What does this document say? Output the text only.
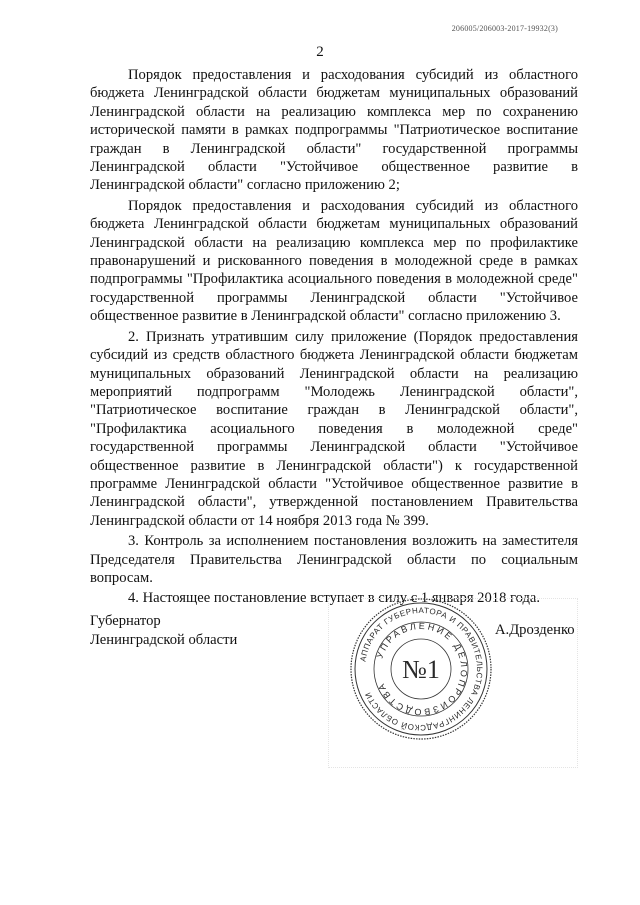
206005/206003-2017-19932(3)
2

Порядок предоставления и расходования субсидий из областного бюджета Ленинградской области бюджетам муниципальных образований Ленинградской области на реализацию комплекса мер по сохранению исторической памяти в рамках подпрограммы "Патриотическое воспитание граждан в Ленинградской области" государственной программы Ленинградской области "Устойчивое общественное развитие в Ленинградской области" согласно приложению 2;

Порядок предоставления и расходования субсидий из областного бюджета Ленинградской области бюджетам муниципальных образований Ленинградской области на реализацию комплекса мер по профилактике правонарушений и рискованного поведения в молодежной среде в рамках подпрограммы "Профилактика асоциального поведения в молодежной среде" государственной программы Ленинградской области "Устойчивое общественное развитие в Ленинградской области" согласно приложению 3.

2. Признать утратившим силу приложение (Порядок предоставления субсидий из средств областного бюджета Ленинградской области бюджетам муниципальных образований Ленинградской области на реализацию мероприятий подпрограмм "Молодежь Ленинградской области", "Патриотическое воспитание граждан в Ленинградской области", "Профилактика асоциального поведения в молодежной среде" государственной программы Ленинградской области "Устойчивое общественное развитие в Ленинградской области") к государственной программе Ленинградской области "Устойчивое общественное развитие в Ленинградской области", утвержденной постановлением Правительства Ленинградской области от 14 ноября 2013 года № 399.

3. Контроль за исполнением постановления возложить на заместителя Председателя Правительства Ленинградской области по социальным вопросам.

4. Настоящее постановление вступает в силу с 1 января 2018 года.

Губернатор
Ленинградской области
АППАРАТ ГУБЕРНАТОРА И ПРАВИТЕЛЬСТВА ЛЕНИНГРАДСКОЙ ОБЛАСТИ
УПРАВЛЕНИЕ ДЕЛОПРОИЗВОДСТВА
№1
А.Дрозденко
